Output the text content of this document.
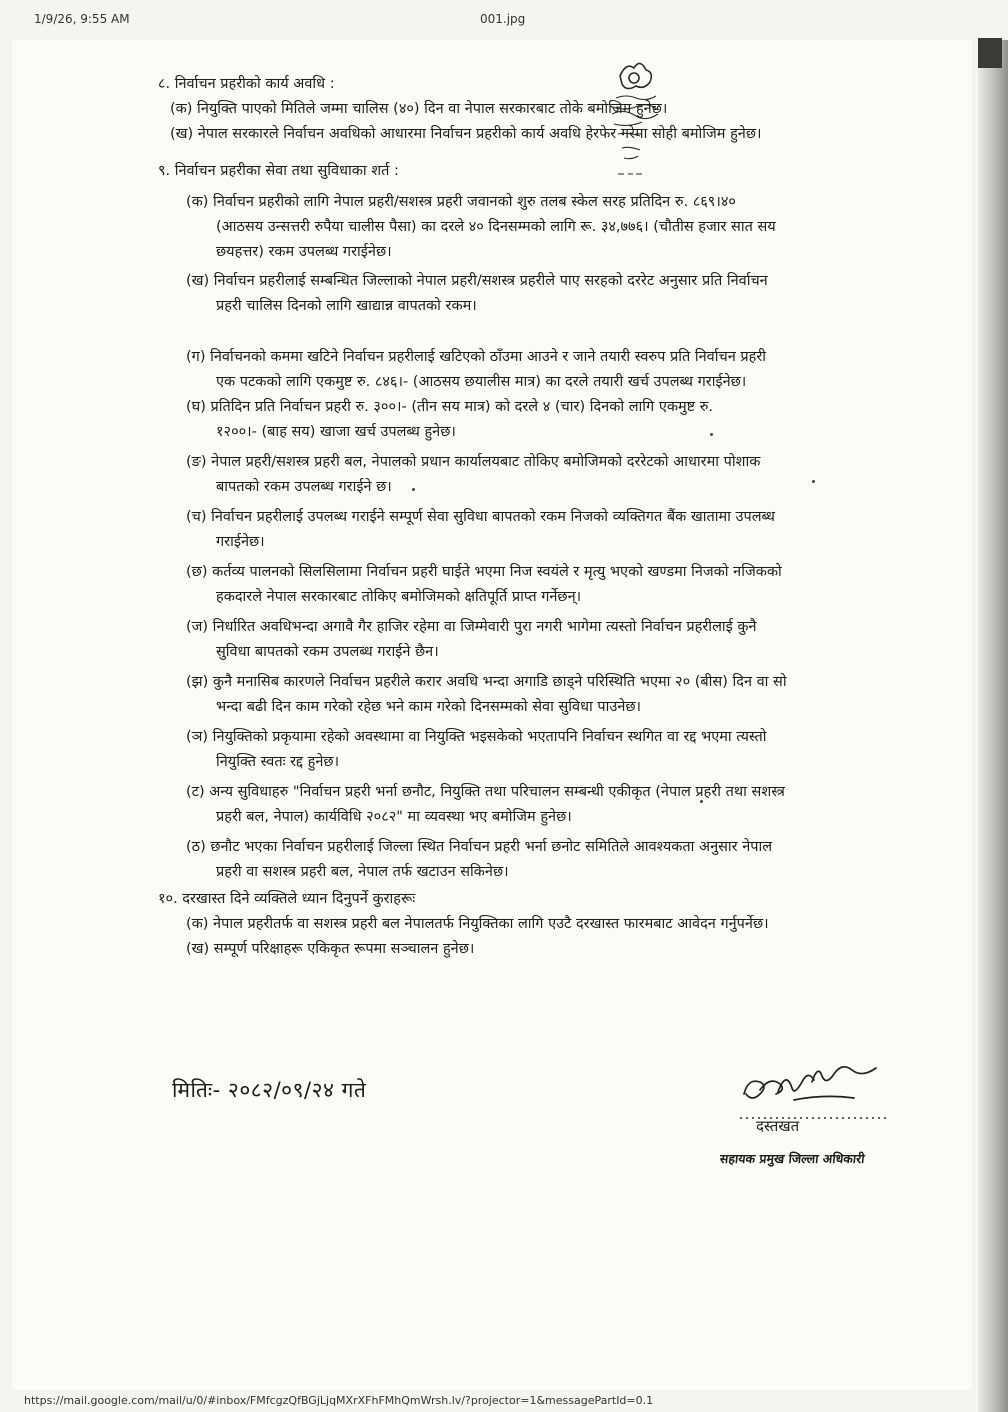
1/9/26, 9:55 AM	001.jpg
८. निर्वाचन प्रहरीको कार्य अवधि :
(क) नियुक्ति पाएको मितिले जम्मा चालिस (४०) दिन वा नेपाल सरकारबाट तोके बमोजिम हुनेछ।
(ख) नेपाल सरकारले निर्वाचन अवधिको आधारमा निर्वाचन प्रहरीको कार्य अवधि हेरफेर गरेमा सोही बमोजिम हुनेछ।
९. निर्वाचन प्रहरीका सेवा तथा सुविधाका शर्त :
(क) निर्वाचन प्रहरीको लागि नेपाल प्रहरी/सशस्त्र प्रहरी जवानको शुरु तलब स्केल सरह प्रतिदिन रु. ८६९।४०
(आठसय उन्सत्तरी रुपैया चालीस पैसा) का दरले ४० दिनसम्मको लागि रू. ३४,७७६। (चौतीस हजार सात सय
छयहत्तर) रकम उपलब्ध गराईनेछ।
(ख) निर्वाचन प्रहरीलाई सम्बन्धित जिल्लाको नेपाल प्रहरी/सशस्त्र प्रहरीले पाए सरहको दररेट अनुसार प्रति निर्वाचन
प्रहरी चालिस दिनको लागि खाद्यान्न वापतको रकम।
(ग) निर्वाचनको कममा खटिने निर्वाचन प्रहरीलाई खटिएको ठाँउमा आउने र जाने तयारी स्वरुप प्रति निर्वाचन प्रहरी
एक पटकको लागि एकमुष्ट रु. ८४६।- (आठसय छयालीस मात्र) का दरले तयारी खर्च उपलब्ध गराईनेछ।
(घ) प्रतिदिन प्रति निर्वाचन प्रहरी रु. ३००।- (तीन सय मात्र) को दरले ४ (चार) दिनको लागि एकमुष्ट रु.
१२००।- (बाह सय) खाजा खर्च उपलब्ध हुनेछ।
(ङ) नेपाल प्रहरी/सशस्त्र प्रहरी बल, नेपालको प्रधान कार्यालयबाट तोकिए बमोजिमको दररेटको आधारमा पोशाक
बापतको रकम उपलब्ध गराईने छ।
(च) निर्वाचन प्रहरीलाई उपलब्ध गराईने सम्पूर्ण सेवा सुविधा बापतको रकम निजको व्यक्तिगत बैंक खातामा उपलब्ध
गराईनेछ।
(छ) कर्तव्य पालनको सिलसिलामा निर्वाचन प्रहरी घाईते भएमा निज स्वयंले र मृत्यु भएको खण्डमा निजको नजिकको
हकदारले नेपाल सरकारबाट तोकिए बमोजिमको क्षतिपूर्ति प्राप्त गर्नेछन्।
(ज) निर्धारित अवधिभन्दा अगावै गैर हाजिर रहेमा वा जिम्मेवारी पुरा नगरी भागेमा त्यस्तो निर्वाचन प्रहरीलाई कुनै
सुविधा बापतको रकम उपलब्ध गराईने छैन।
(झ) कुनै मनासिब कारणले निर्वाचन प्रहरीले करार अवधि भन्दा अगाडि छाड्ने परिस्थिति भएमा २० (बीस) दिन वा सो
भन्दा बढी दिन काम गरेको रहेछ भने काम गरेको दिनसम्मको सेवा सुविधा पाउनेछ।
(ञ) नियुक्तिको प्रकृयामा रहेको अवस्थामा वा नियुक्ति भइसकेको भएतापनि निर्वाचन स्थगित वा रद्द भएमा त्यस्तो
नियुक्ति स्वतः रद्द हुनेछ।
(ट) अन्य सुविधाहरु "निर्वाचन प्रहरी भर्ना छनौट, नियुक्ति तथा परिचालन सम्बन्धी एकीकृत (नेपाल प्रहरी तथा सशस्त्र
प्रहरी बल, नेपाल) कार्यविधि २०८२" मा व्यवस्था भए बमोजिम हुनेछ।
(ठ) छनौट भएका निर्वाचन प्रहरीलाई जिल्ला स्थित निर्वाचन प्रहरी भर्ना छनोट समितिले आवश्यकता अनुसार नेपाल
प्रहरी वा सशस्त्र प्रहरी बल, नेपाल तर्फ खटाउन सकिनेछ।
१०. दरखास्त दिने व्यक्तिले ध्यान दिनुपर्ने कुराहरूः
(क) नेपाल प्रहरीतर्फ वा सशस्त्र प्रहरी बल नेपालतर्फ नियुक्तिका लागि एउटै दरखास्त फारमबाट आवेदन गर्नुपर्नेछ।
(ख) सम्पूर्ण परिक्षाहरू एकिकृत रूपमा सञ्चालन हुनेछ।
मितिः- २०८२/०९/२४ गते
दस्तखत
सहायक प्रमुख जिल्ला अधिकारी
https://mail.google.com/mail/u/0/#inbox/FMfcgzQfBGjLjqMXrXFhFMhQmWrsh.lv/?projector=1&messagePartId=0.1
